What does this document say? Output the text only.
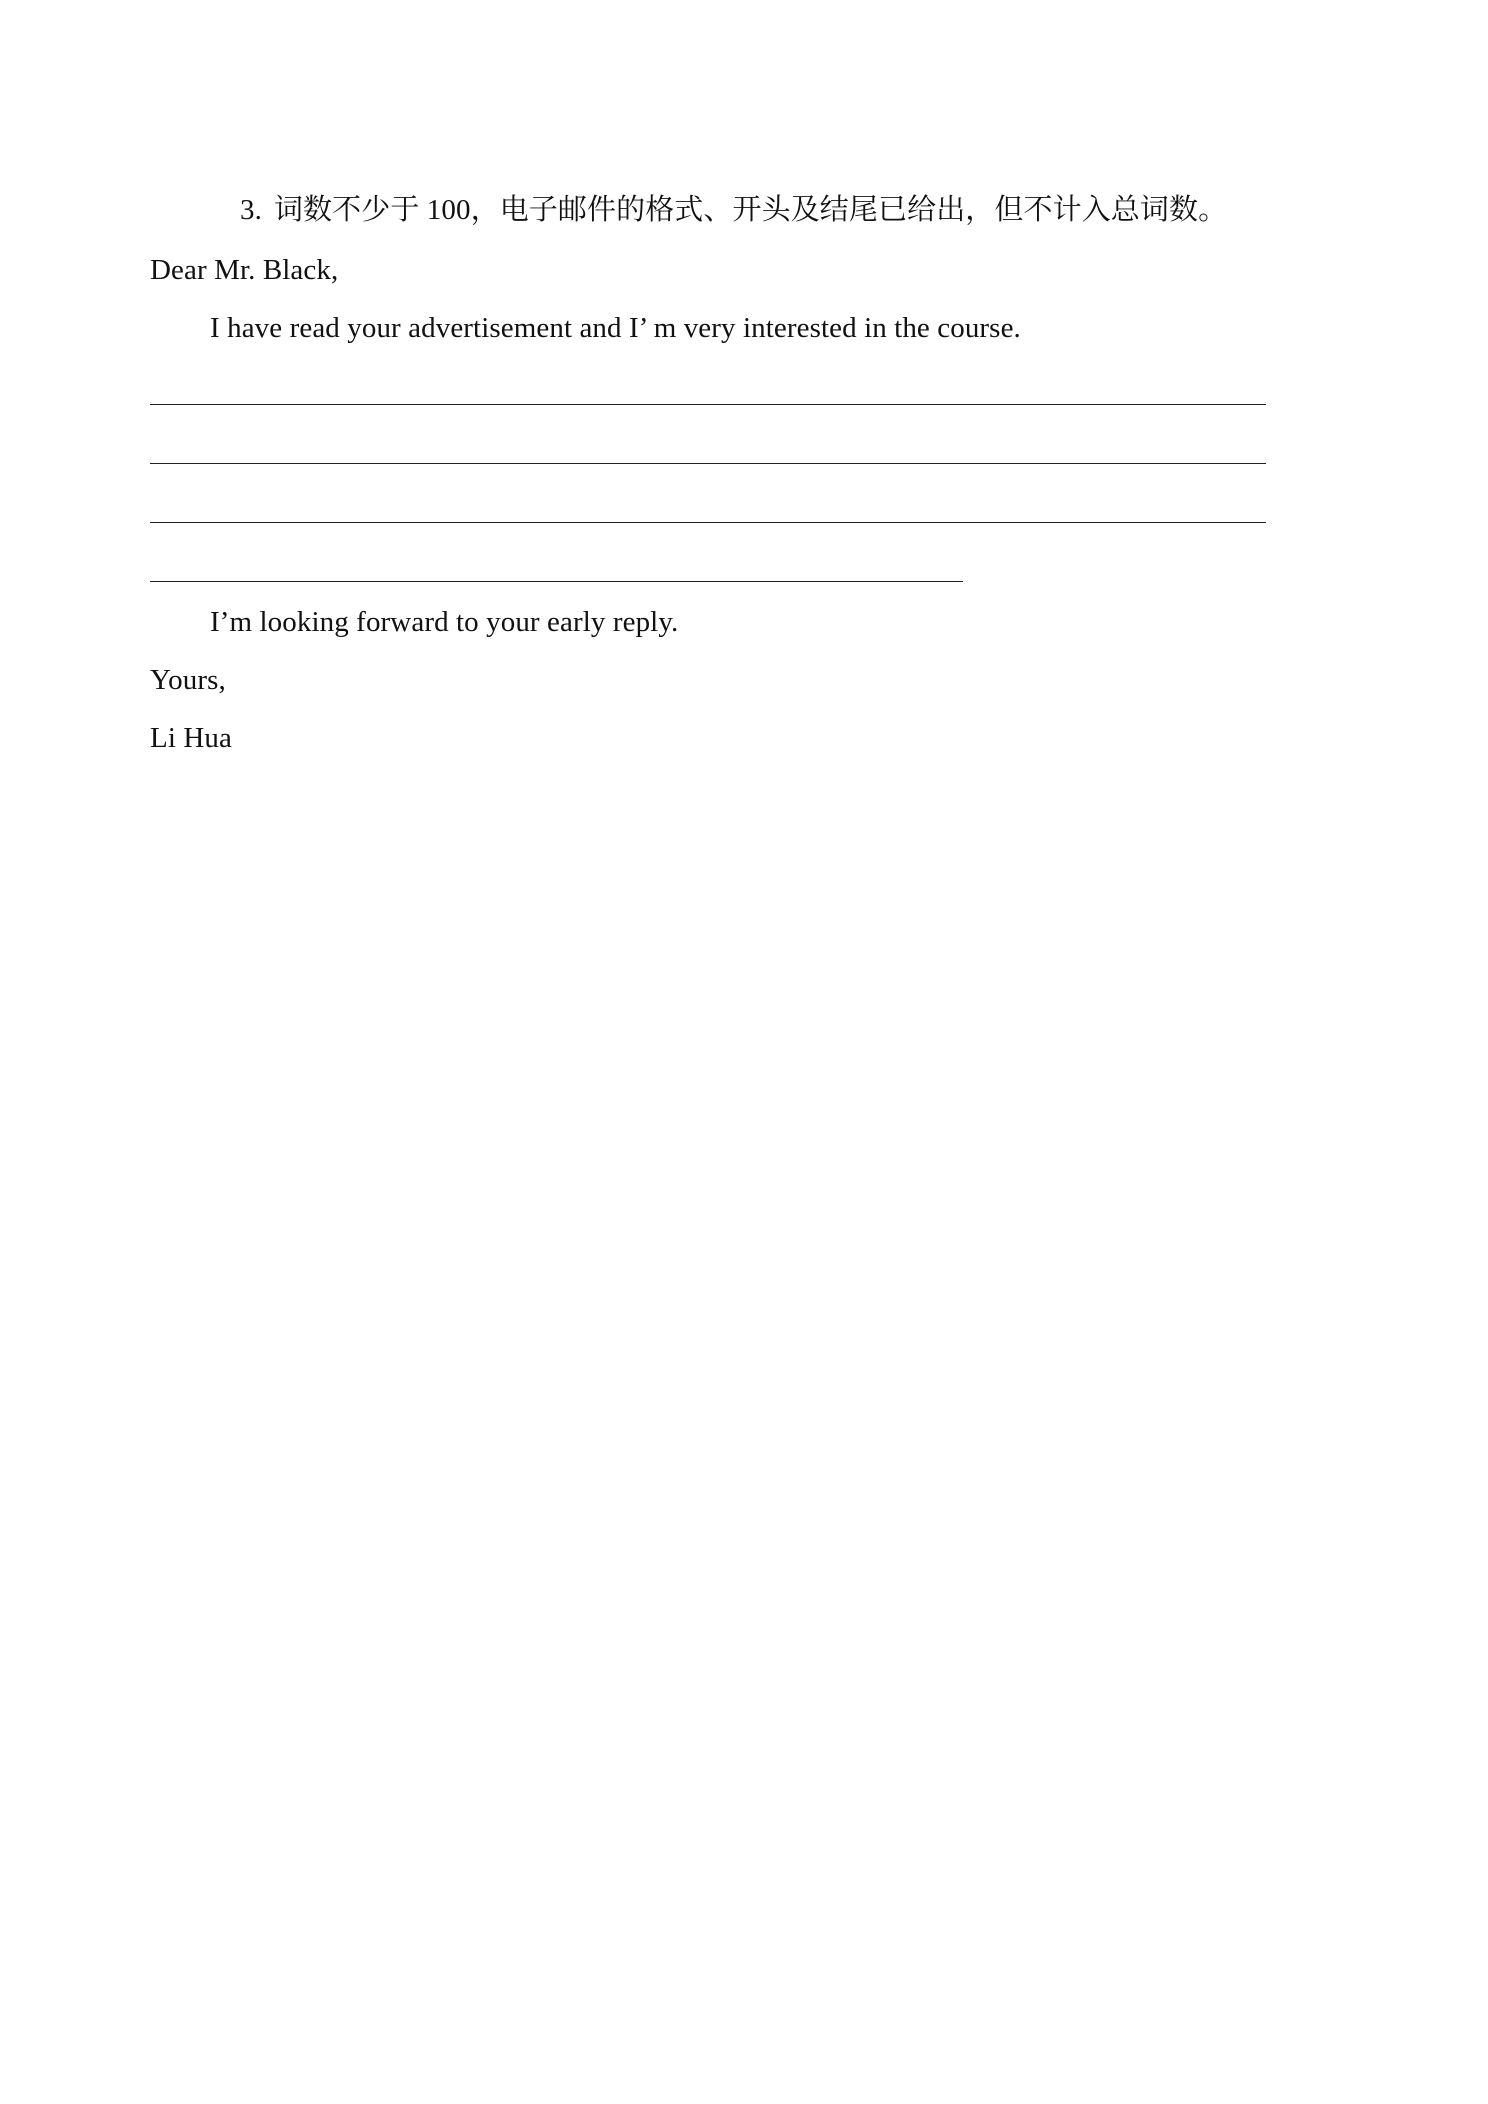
3. 词数不少于 100，电子邮件的格式、开头及结尾已给出，但不计入总词数。
Dear Mr. Black,
I have read your advertisement and I’ m very interested in the course.
I’m looking forward to your early reply.
Yours,
Li Hua
